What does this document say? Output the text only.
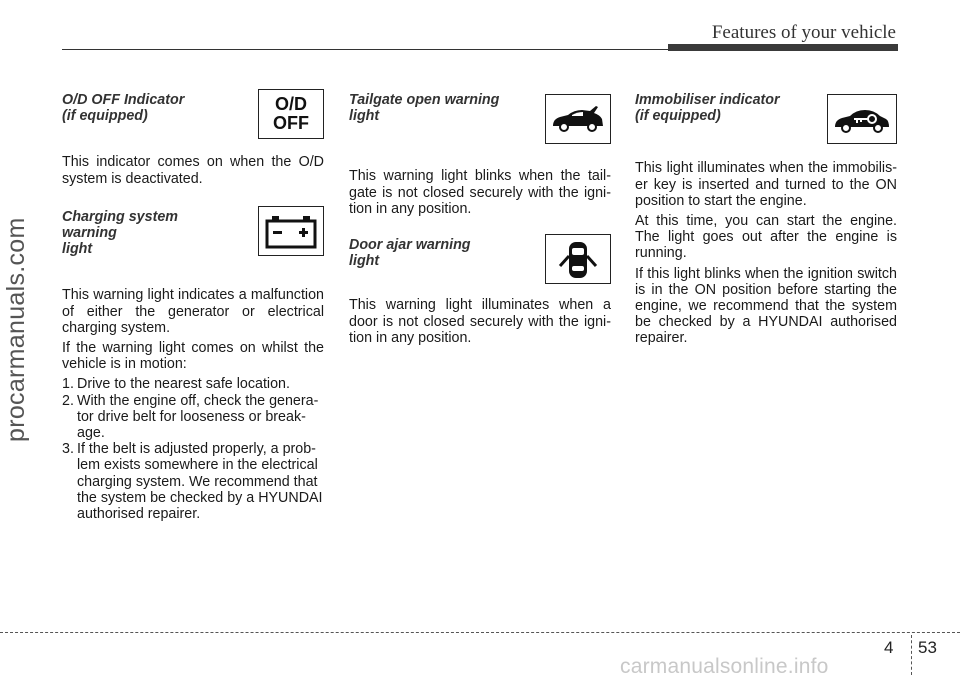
Features of your vehicle
procarmanuals.com

O/D OFF Indicator
(if equipped)

O/D
OFF

This indicator comes on when the O/D system is deactivated.

Charging system warning
light

This warning light indicates a malfunction of either the generator or electrical charging system.

If the warning light comes on whilst the vehicle is in motion:

1. Drive to the nearest safe location.
2. With the engine off, check the genera-tor drive belt for looseness or break-age.
3. If the belt is adjusted properly, a prob-lem exists somewhere in the electrical charging system. We recommend that the system be checked by a HYUNDAI authorised repairer.

Tailgate open warning light

This warning light blinks when the tail-gate is not closed securely with the igni-tion in any position.

Door ajar warning light

This warning light illuminates when a door is not closed securely with the igni-tion in any position.

Immobiliser indicator
(if equipped)

This light illuminates when the immobilis-er key is inserted and turned to the ON position to start the engine.

At this time, you can start the engine. The light goes out after the engine is running.

If this light blinks when the ignition switch is in the ON position before starting the engine, we recommend that the system be checked by a HYUNDAI authorised repairer.

4 53
carmanualsonline.info
